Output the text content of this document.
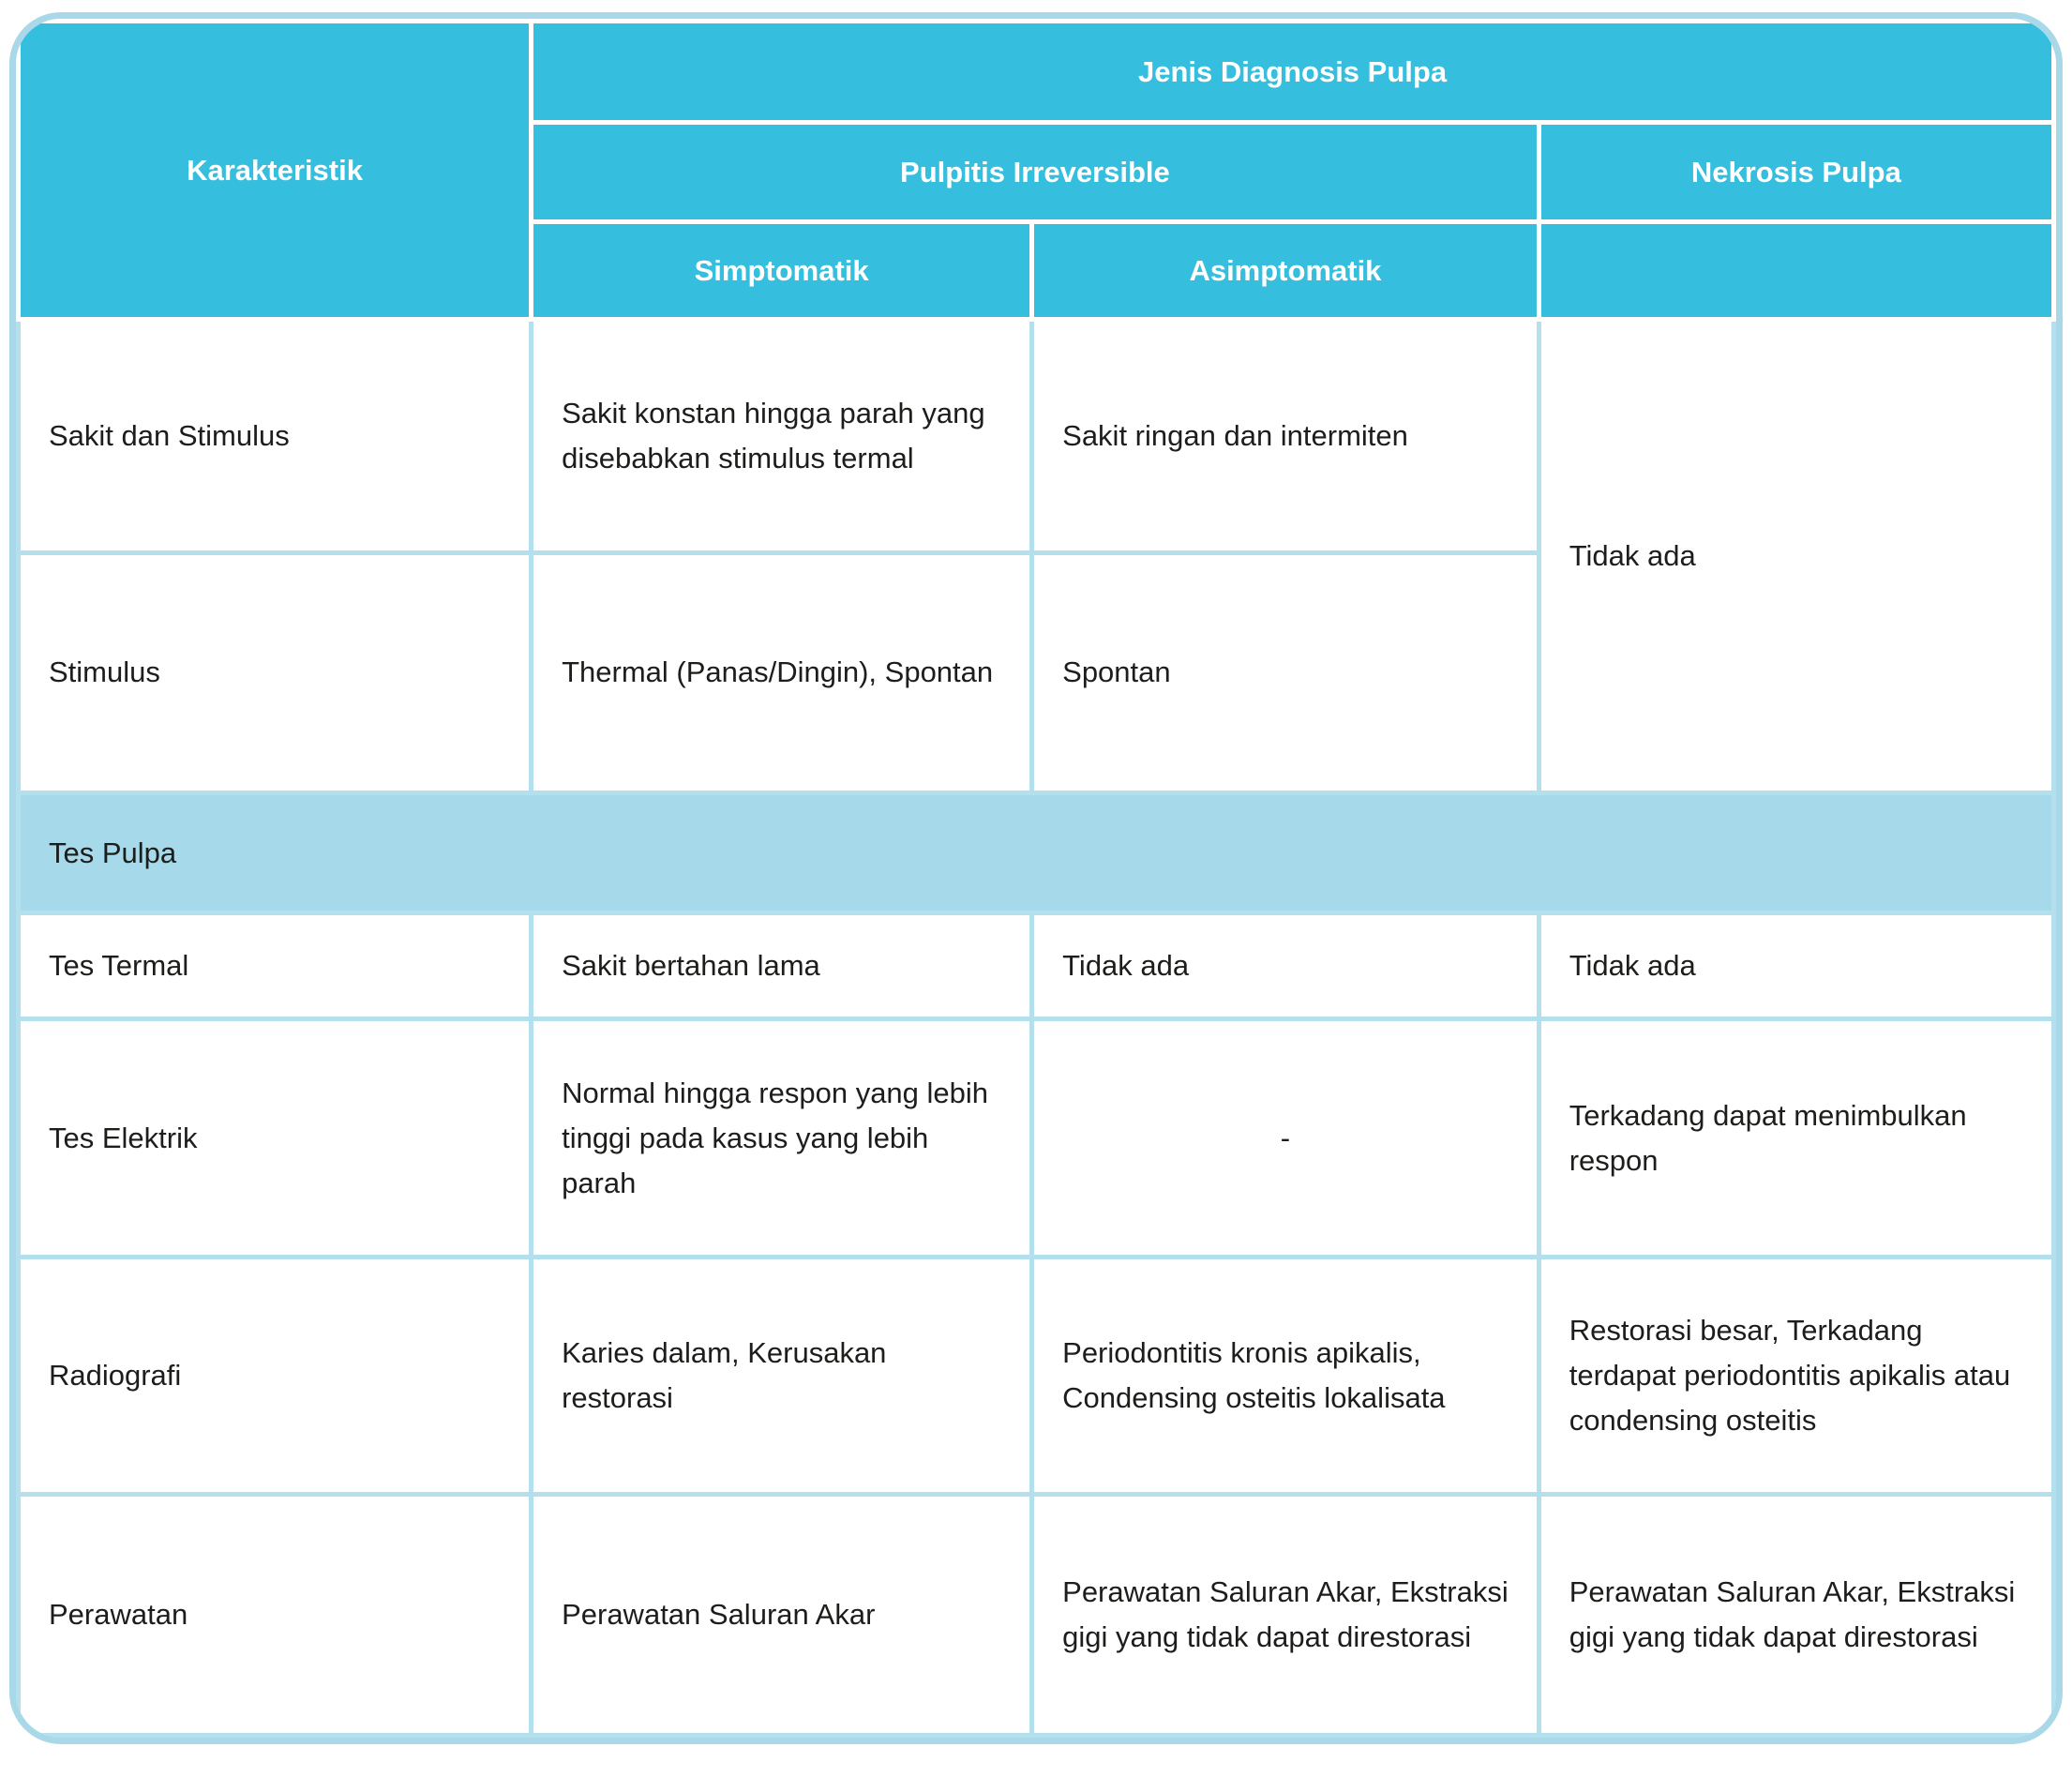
Karakteristik	Jenis Diagnosis Pulpa		
	Pulpitis Irreversible		Nekrosis Pulpa
	Simptomatik	Asimptomatik	
Sakit dan Stimulus	Sakit konstan hingga parah yang disebabkan stimulus termal	Sakit ringan dan intermiten	Tidak ada
Stimulus	Thermal (Panas/Dingin), Spontan	Spontan	
Tes Pulpa			
Tes Termal	Sakit bertahan lama	Tidak ada	Tidak ada
Tes Elektrik	Normal hingga respon yang lebih tinggi pada kasus yang lebih parah	-	Terkadang dapat menimbulkan respon
Radiografi	Karies dalam, Kerusakan restorasi	Periodontitis kronis apikalis, Condensing osteitis lokalisata	Restorasi besar, Terkadang terdapat periodontitis apikalis atau condensing osteitis
Perawatan	Perawatan Saluran Akar	Perawatan Saluran Akar, Ekstraksi gigi yang tidak dapat direstorasi	Perawatan Saluran Akar, Ekstraksi gigi yang tidak dapat direstorasi
